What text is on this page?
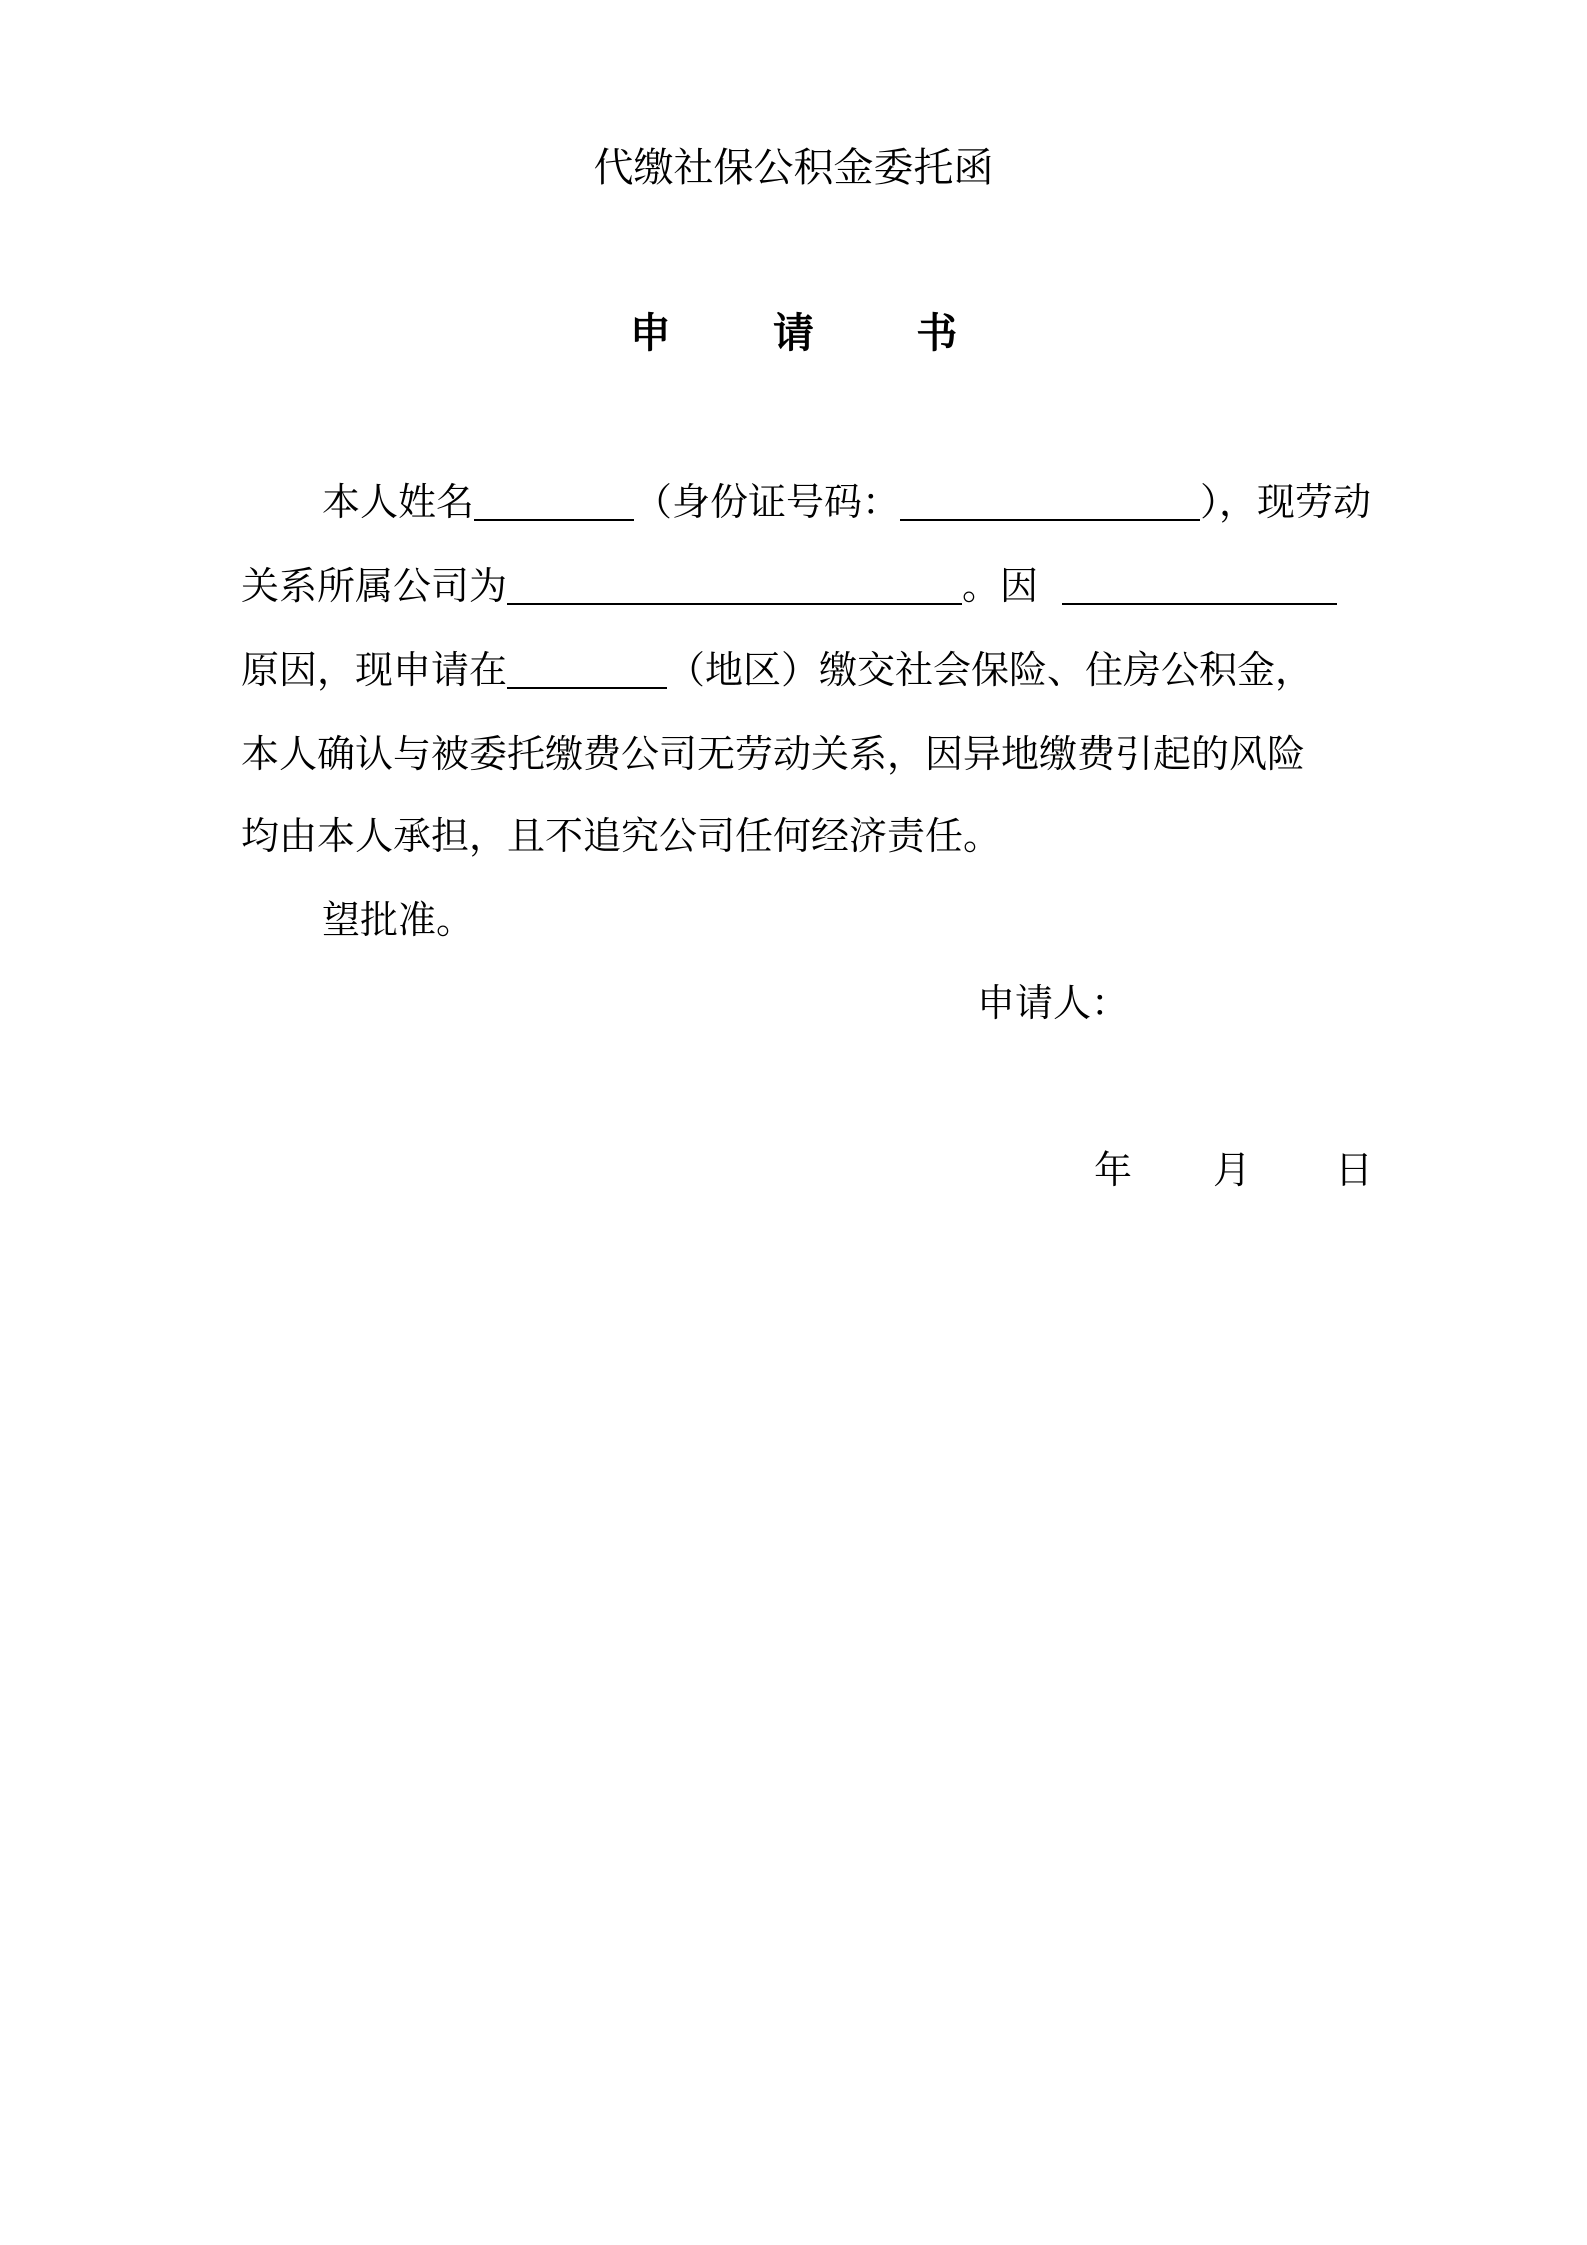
代缴社保公积金委托函
申 请 书
本人姓名	（身份证号码：	），现劳动
关系所属公司为	。因
原因，现申请在	（地区）缴交社会保险、住房公积金，
本人确认与被委托缴费公司无劳动关系，因异地缴费引起的风险
均由本人承担，且不追究公司任何经济责任。
望批准。
申请人：
年 月 日
